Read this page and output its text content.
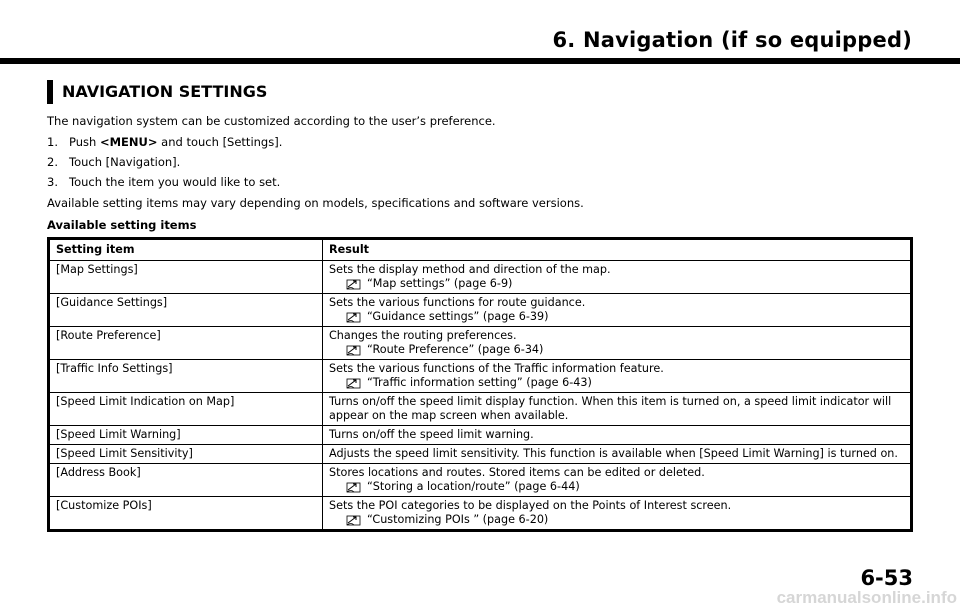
6. Navigation (if so equipped)
NAVIGATION SETTINGS
The navigation system can be customized according to the user’s preference.
1. Push <MENU> and touch [Settings].
2. Touch [Navigation].
3. Touch the item you would like to set.
Available setting items may vary depending on models, specifications and software versions.
Available setting items
Setting item	Result
[Map Settings]	Sets the display method and direction of the map.
“Map settings” (page 6-9)

[Guidance Settings]	Sets the various functions for route guidance.
“Guidance settings” (page 6-39)

[Route Preference]	Changes the routing preferences.
“Route Preference” (page 6-34)

[Traffic Info Settings]	Sets the various functions of the Traffic information feature.
“Traffic information setting” (page 6-43)

[Speed Limit Indication on Map]	Turns on/off the speed limit display function. When this item is turned on, a speed limit indicator will appear on the map screen when available.

[Speed Limit Warning]	Turns on/off the speed limit warning.

[Speed Limit Sensitivity]	Adjusts the speed limit sensitivity. This function is available when [Speed Limit Warning] is turned on.

[Address Book]	Stores locations and routes. Stored items can be edited or deleted.
“Storing a location/route” (page 6-44)

[Customize POIs]	Sets the POI categories to be displayed on the Points of Interest screen.
“Customizing POIs ” (page 6-20)
6-53
carmanualsonline.info
